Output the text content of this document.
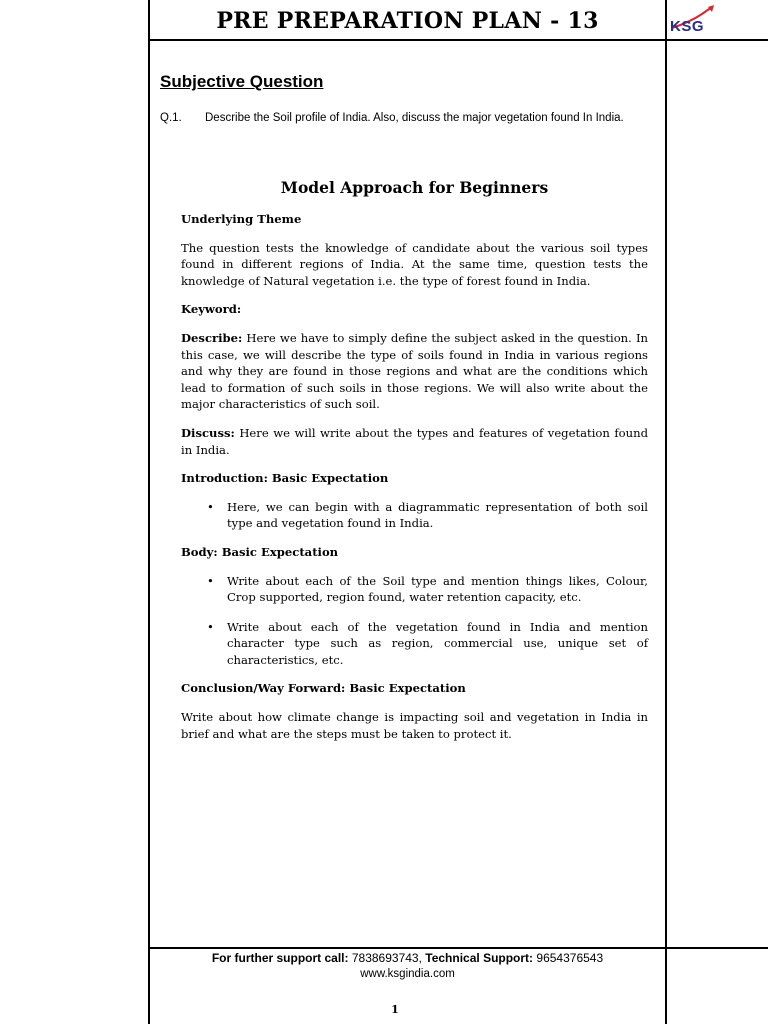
PRE PREPARATION PLAN - 13	KSG
Subjective Question
Q.1. Describe the Soil profile of India. Also, discuss the major vegetation found In India.

Model Approach for Beginners

Underlying Theme

The question tests the knowledge of candidate about the various soil types found in different regions of India. At the same time, question tests the knowledge of Natural vegetation i.e. the type of forest found in India.

Keyword:

Describe: Here we have to simply define the subject asked in the question. In this case, we will describe the type of soils found in India in various regions and why they are found in those regions and what are the conditions which lead to formation of such soils in those regions. We will also write about the major characteristics of such soil.

Discuss: Here we will write about the types and features of vegetation found in India.

Introduction: Basic Expectation

• Here, we can begin with a diagrammatic representation of both soil type and vegetation found in India.

Body: Basic Expectation

• Write about each of the Soil type and mention things likes, Colour, Crop supported, region found, water retention capacity, etc.
• Write about each of the vegetation found in India and mention character type such as region, commercial use, unique set of characteristics, etc.

Conclusion/Way Forward: Basic Expectation

Write about how climate change is impacting soil and vegetation in India in brief and what are the steps must be taken to protect it.

For further support call: 7838693743, Technical Support: 9654376543
www.ksgindia.com
1
